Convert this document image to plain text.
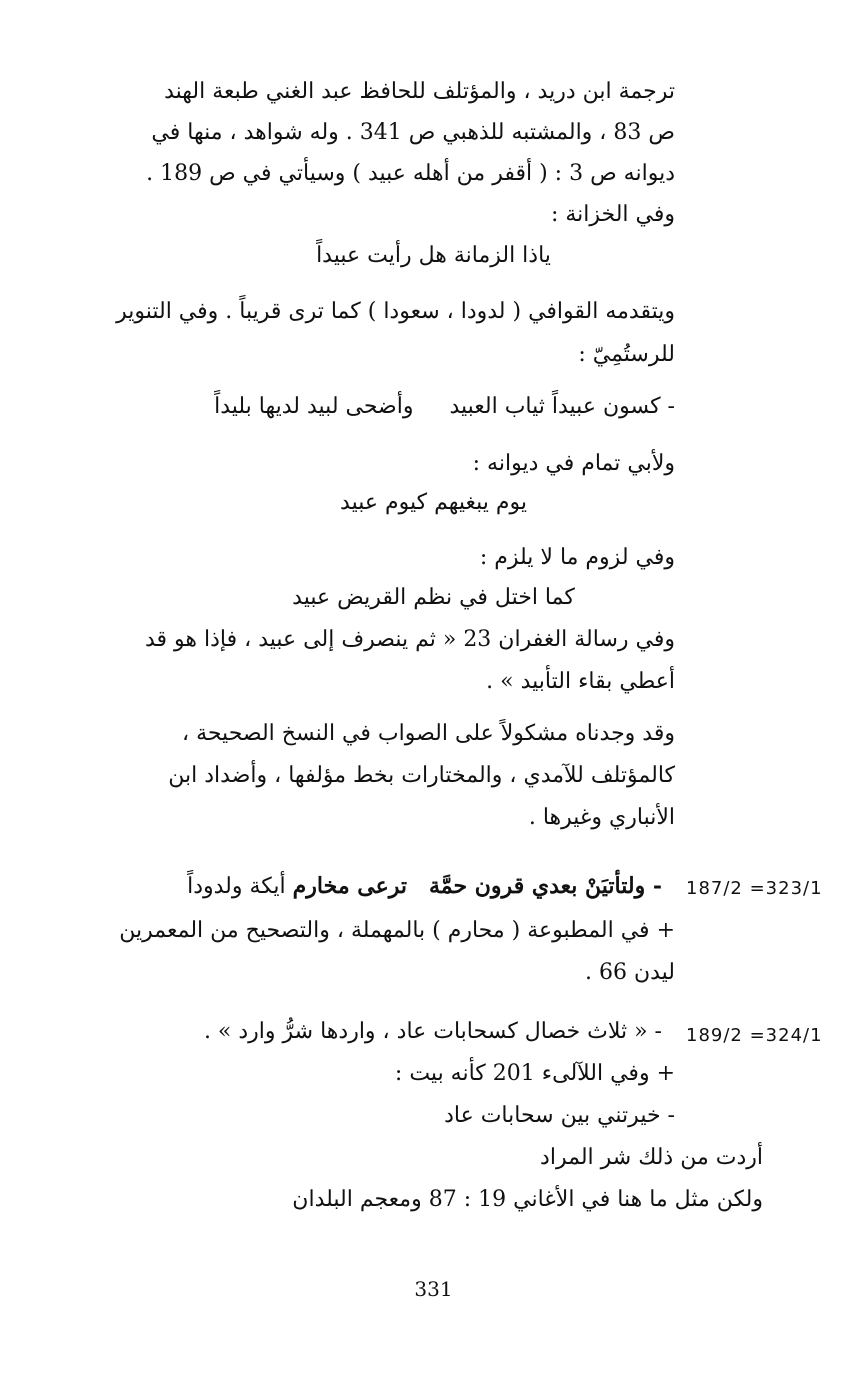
ترجمة ابن دريد ، والمؤتلف للحافظ عبد الغني طبعة الهند
ص 83 ، والمشتبه للذهبي ص 341 . وله شواهد ، منها في
ديوانه ص 3 : ( أقفر من أهله عبيد ) وسيأتي في ص 189 .
وفي الخزانة :
ياذا الزمانة هل رأيت عبيداً
ويتقدمه القوافي ( لدودا ، سعودا ) كما ترى قريباً . وفي التنوير
للرستُمِيّ :
- كسون عبيداً ثياب العبيدوأضحى لبيد لديها بليداً
ولأبي تمام في ديوانه :
يوم يبغيهم كيوم عبيد
وفي لزوم ما لا يلزم :
كما اختل في نظم القريض عبيد
وفي رسالة الغفران 23 « ثم ينصرف إلى عبيد ، فإذا هو قد
أعطي بقاء التأبيد » .
وقد وجدناه مشكولاً على الصواب في النسخ الصحيحة ،
كالمؤتلف للآمدي ، والمختارات بخط مؤلفها ، وأضداد ابن
الأنباري وغيرها .
187/2 =323/1
- ولتأتيَنْ بعدي قرون حمَّةترعى مخارم أيكة ولدوداً
+ في المطبوعة ( محارم ) بالمهملة ، والتصحيح من المعمرين
ليدن 66 .
189/2 =324/1
- « ثلاث خصال كسحابات عاد ، واردها شرُّ وارد » .
+ وفي اللآلىء 201 كأنه بيت :
- خيرتني بين سحابات عاد
أردت من ذلك شر المراد
ولكن مثل ما هنا في الأغاني 19 : 87 ومعجم البلدان
331
